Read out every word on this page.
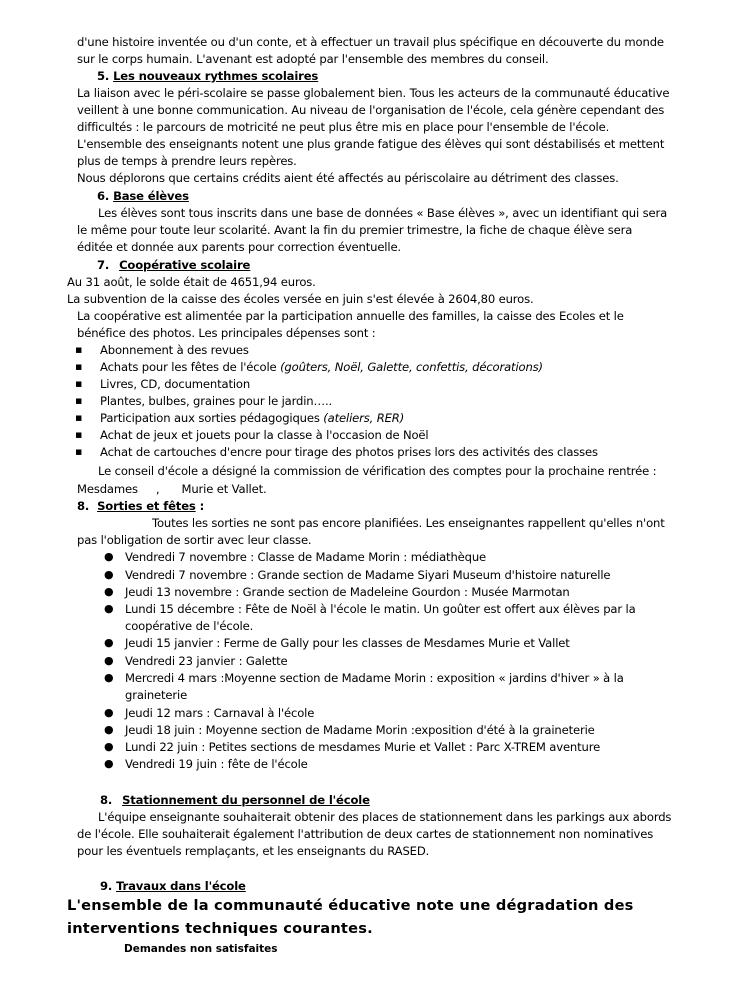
d'une histoire inventée ou d'un conte, et à effectuer un travail plus spécifique en découverte du monde
sur le corps humain. L'avenant est adopté par l'ensemble des membres du conseil.
5. Les nouveaux rythmes scolaires
La liaison avec le péri-scolaire se passe globalement bien. Tous les acteurs de la communauté éducative
veillent à une bonne communication. Au niveau de l'organisation de l'école, cela génère cependant des
difficultés : le parcours de motricité ne peut plus être mis en place pour l'ensemble de l'école.
L'ensemble des enseignants notent une plus grande fatigue des élèves qui sont déstabilisés et mettent
plus de temps à prendre leurs repères.
Nous déplorons que certains crédits aient été affectés au périscolaire au détriment des classes.
6. Base élèves
Les élèves sont tous inscrits dans une base de données « Base élèves », avec un identifiant qui sera
le même pour toute leur scolarité. Avant la fin du premier trimestre, la fiche de chaque élève sera
éditée et donnée aux parents pour correction éventuelle.
7. Coopérative scolaire
Au 31 août, le solde était de 4651,94 euros.
La subvention de la caisse des écoles versée en juin s'est élevée à 2604,80 euros.
La coopérative est alimentée par la participation annuelle des familles, la caisse des Ecoles et le
bénéfice des photos. Les principales dépenses sont :
▪ Abonnement à des revues
▪ Achats pour les fêtes de l'école (goûters, Noël, Galette, confettis, décorations)
▪ Livres, CD, documentation
▪ Plantes, bulbes, graines pour le jardin…..
▪ Participation aux sorties pédagogiques (ateliers, RER)
▪ Achat de jeux et jouets pour la classe à l'occasion de Noël
▪ Achat de cartouches d'encre pour tirage des photos prises lors des activités des classes
Le conseil d'école a désigné la commission de vérification des comptes pour la prochaine rentrée :
Mesdames , Murie et Vallet.
8. Sorties et fêtes :
Toutes les sorties ne sont pas encore planifiées. Les enseignantes rappellent qu'elles n'ont
pas l'obligation de sortir avec leur classe.
● Vendredi 7 novembre : Classe de Madame Morin : médiathèque
● Vendredi 7 novembre : Grande section de Madame Siyari Museum d'histoire naturelle
● Jeudi 13 novembre : Grande section de Madeleine Gourdon : Musée Marmotan
● Lundi 15 décembre : Fête de Noël à l'école le matin. Un goûter est offert aux élèves par la
coopérative de l'école.
● Jeudi 15 janvier : Ferme de Gally pour les classes de Mesdames Murie et Vallet
● Vendredi 23 janvier : Galette
● Mercredi 4 mars :Moyenne section de Madame Morin : exposition « jardins d'hiver » à la
graineterie
● Jeudi 12 mars : Carnaval à l'école
● Jeudi 18 juin : Moyenne section de Madame Morin :exposition d'été à la graineterie
● Lundi 22 juin : Petites sections de mesdames Murie et Vallet : Parc X-TREM aventure
● Vendredi 19 juin : fête de l'école
8. Stationnement du personnel de l'école
L'équipe enseignante souhaiterait obtenir des places de stationnement dans les parkings aux abords
de l'école. Elle souhaiterait également l'attribution de deux cartes de stationnement non nominatives
pour les éventuels remplaçants, et les enseignants du RASED.
9. Travaux dans l'école
L'ensemble de la communauté éducative note une dégradation des
interventions techniques courantes.
Demandes non satisfaites
